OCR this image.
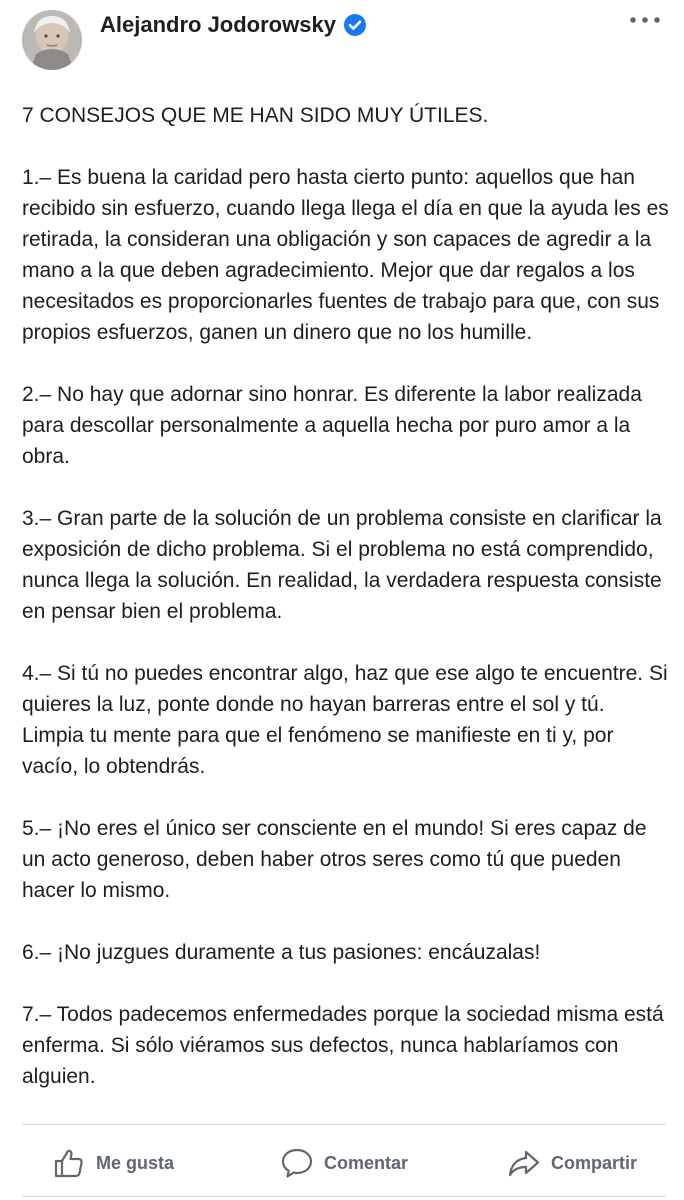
Alejandro Jodorowsky

7 CONSEJOS QUE ME HAN SIDO MUY ÚTILES.

1.– Es buena la caridad pero hasta cierto punto: aquellos que han recibido sin esfuerzo, cuando llega llega el día en que la ayuda les es retirada, la consideran una obligación y son capaces de agredir a la mano a la que deben agradecimiento. Mejor que dar regalos a los necesitados es proporcionarles fuentes de trabajo para que, con sus propios esfuerzos, ganen un dinero que no los humille.

2.– No hay que adornar sino honrar. Es diferente la labor realizada para descollar personalmente a aquella hecha por puro amor a la obra.

3.– Gran parte de la solución de un problema consiste en clarificar la exposición de dicho problema. Si el problema no está comprendido, nunca llega la solución. En realidad, la verdadera respuesta consiste en pensar bien el problema.

4.– Si tú no puedes encontrar algo, haz que ese algo te encuentre. Si quieres la luz, ponte donde no hayan barreras entre el sol y tú. Limpia tu mente para que el fenómeno se manifieste en ti y, por vacío, lo obtendrás.

5.– ¡No eres el único ser consciente en el mundo! Si eres capaz de un acto generoso, deben haber otros seres como tú que pueden hacer lo mismo.

6.– ¡No juzgues duramente a tus pasiones: encáuzalas!

7.– Todos padecemos enfermedades porque la sociedad misma está enferma. Si sólo viéramos sus defectos, nunca hablaríamos con alguien.

Me gusta	Comentar	Compartir
